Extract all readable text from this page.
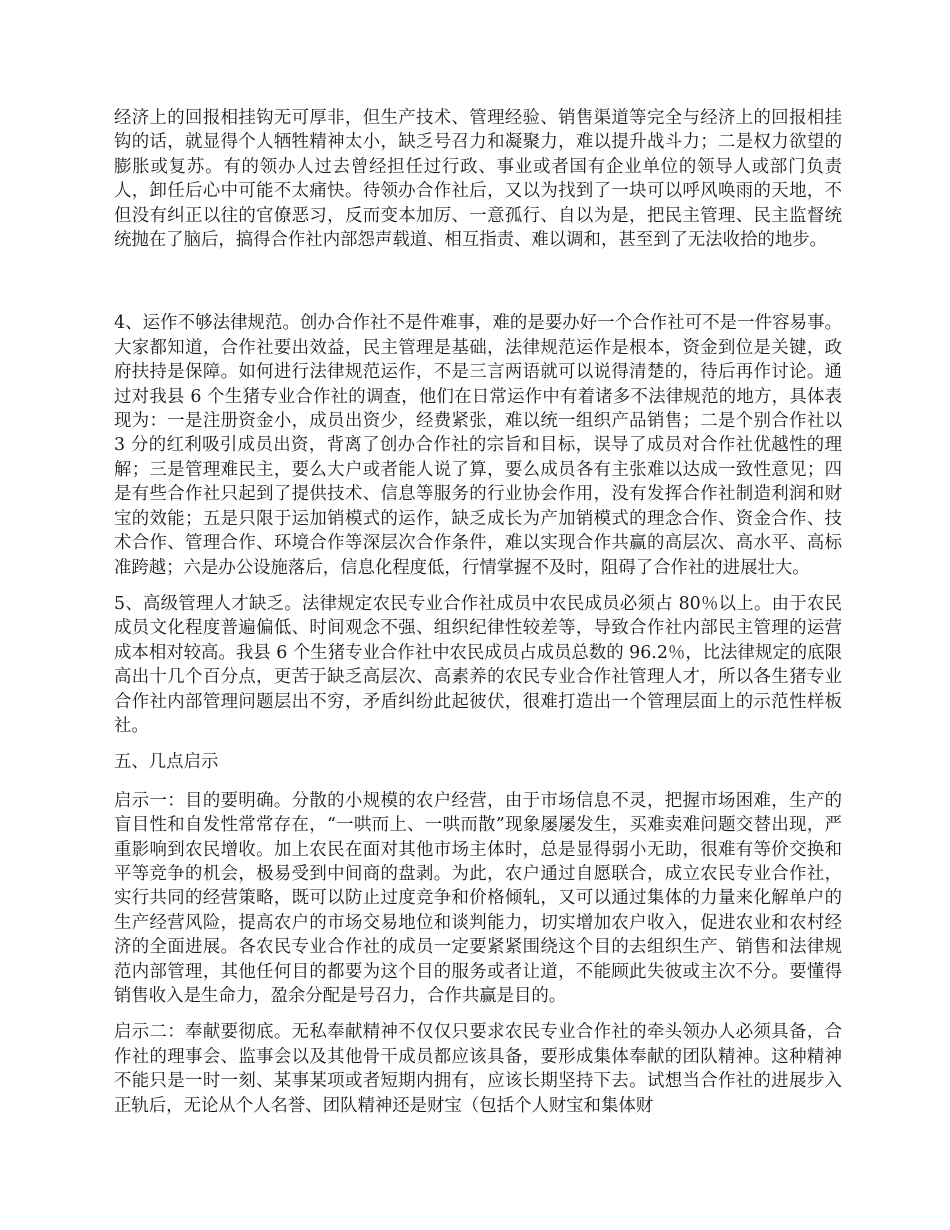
经济上的回报相挂钩无可厚非，但生产技术、管理经验、销售渠道等完全与经济上的回报相挂钩的话，就显得个人牺牲精神太小，缺乏号召力和凝聚力，难以提升战斗力；二是权力欲望的膨胀或复苏。有的领办人过去曾经担任过行政、事业或者国有企业单位的领导人或部门负责人，卸任后心中可能不太痛快。待领办合作社后，又以为找到了一块可以呼风唤雨的天地，不但没有纠正以往的官僚恶习，反而变本加厉、一意孤行、自以为是，把民主管理、民主监督统统抛在了脑后，搞得合作社内部怨声载道、相互指责、难以调和，甚至到了无法收拾的地步。

4、运作不够法律规范。创办合作社不是件难事，难的是要办好一个合作社可不是一件容易事。大家都知道，合作社要出效益，民主管理是基础，法律规范运作是根本，资金到位是关键，政府扶持是保障。如何进行法律规范运作，不是三言两语就可以说得清楚的，待后再作讨论。通过对我县 6 个生猪专业合作社的调查，他们在日常运作中有着诸多不法律规范的地方，具体表现为：一是注册资金小，成员出资少，经费紧张，难以统一组织产品销售；二是个别合作社以 3 分的红利吸引成员出资，背离了创办合作社的宗旨和目标，误导了成员对合作社优越性的理解；三是管理难民主，要么大户或者能人说了算，要么成员各有主张难以达成一致性意见；四是有些合作社只起到了提供技术、信息等服务的行业协会作用，没有发挥合作社制造利润和财宝的效能；五是只限于运加销模式的运作，缺乏成长为产加销模式的理念合作、资金合作、技术合作、管理合作、环境合作等深层次合作条件，难以实现合作共赢的高层次、高水平、高标准跨越；六是办公设施落后，信息化程度低，行情掌握不及时，阻碍了合作社的进展壮大。

5、高级管理人才缺乏。法律规定农民专业合作社成员中农民成员必须占 80％以上。由于农民成员文化程度普遍偏低、时间观念不强、组织纪律性较差等，导致合作社内部民主管理的运营成本相对较高。我县 6 个生猪专业合作社中农民成员占成员总数的 96.2％，比法律规定的底限高出十几个百分点，更苦于缺乏高层次、高素养的农民专业合作社管理人才，所以各生猪专业合作社内部管理问题层出不穷，矛盾纠纷此起彼伏，很难打造出一个管理层面上的示范性样板社。

五、几点启示

启示一：目的要明确。分散的小规模的农户经营，由于市场信息不灵，把握市场困难，生产的盲目性和自发性常常存在，“一哄而上、一哄而散”现象屡屡发生，买难卖难问题交替出现，严重影响到农民增收。加上农民在面对其他市场主体时，总是显得弱小无助，很难有等价交换和平等竞争的机会，极易受到中间商的盘剥。为此，农户通过自愿联合，成立农民专业合作社，实行共同的经营策略，既可以防止过度竞争和价格倾轧，又可以通过集体的力量来化解单户的生产经营风险，提高农户的市场交易地位和谈判能力，切实增加农户收入，促进农业和农村经济的全面进展。各农民专业合作社的成员一定要紧紧围绕这个目的去组织生产、销售和法律规范内部管理，其他任何目的都要为这个目的服务或者让道，不能顾此失彼或主次不分。要懂得销售收入是生命力，盈余分配是号召力，合作共赢是目的。

启示二：奉献要彻底。无私奉献精神不仅仅只要求农民专业合作社的牵头领办人必须具备，合作社的理事会、监事会以及其他骨干成员都应该具备，要形成集体奉献的团队精神。这种精神不能只是一时一刻、某事某项或者短期内拥有，应该长期坚持下去。试想当合作社的进展步入正轨后，无论从个人名誉、团队精神还是财宝（包括个人财宝和集体财
